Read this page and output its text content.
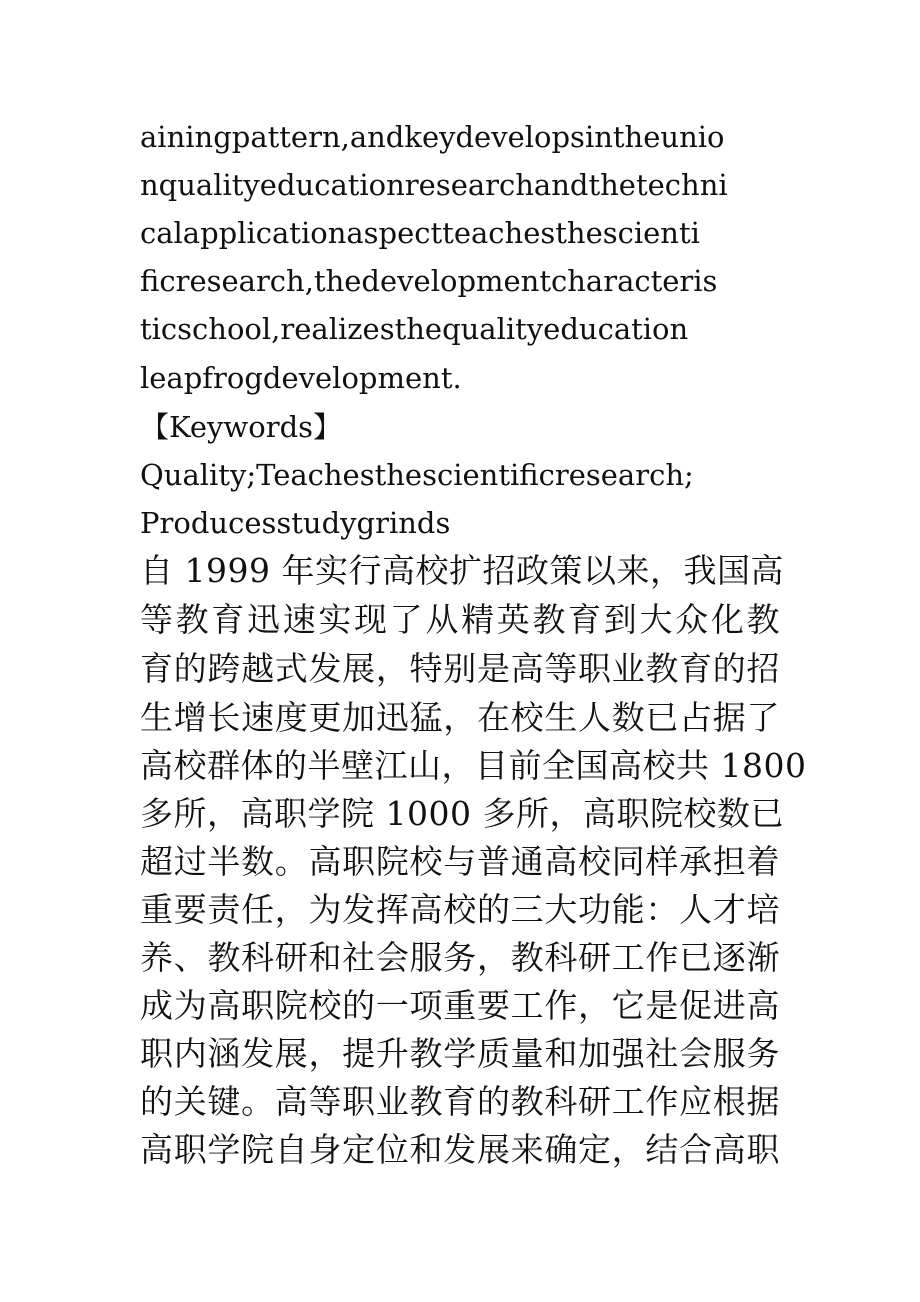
ainingpattern,andkeydevelopsintheunio
nqualityeducationresearchandthetechni
calapplicationaspectteachesthescienti
ficresearch,thedevelopmentcharacteris
ticschool,realizesthequalityeducation
leapfrogdevelopment.
【Keywords】
Quality;Teachesthescientificresearch;
Producesstudygrinds
自 1999 年实行高校扩招政策以来，我国高
等教育迅速实现了从精英教育到大众化教
育的跨越式发展，特别是高等职业教育的招
生增长速度更加迅猛，在校生人数已占据了
高校群体的半壁江山，目前全国高校共 1800
多所，高职学院 1000 多所，高职院校数已
超过半数。高职院校与普通高校同样承担着
重要责任，为发挥高校的三大功能：人才培
养、教科研和社会服务，教科研工作已逐渐
成为高职院校的一项重要工作，它是促进高
职内涵发展，提升教学质量和加强社会服务
的关键。高等职业教育的教科研工作应根据
高职学院自身定位和发展来确定，结合高职
